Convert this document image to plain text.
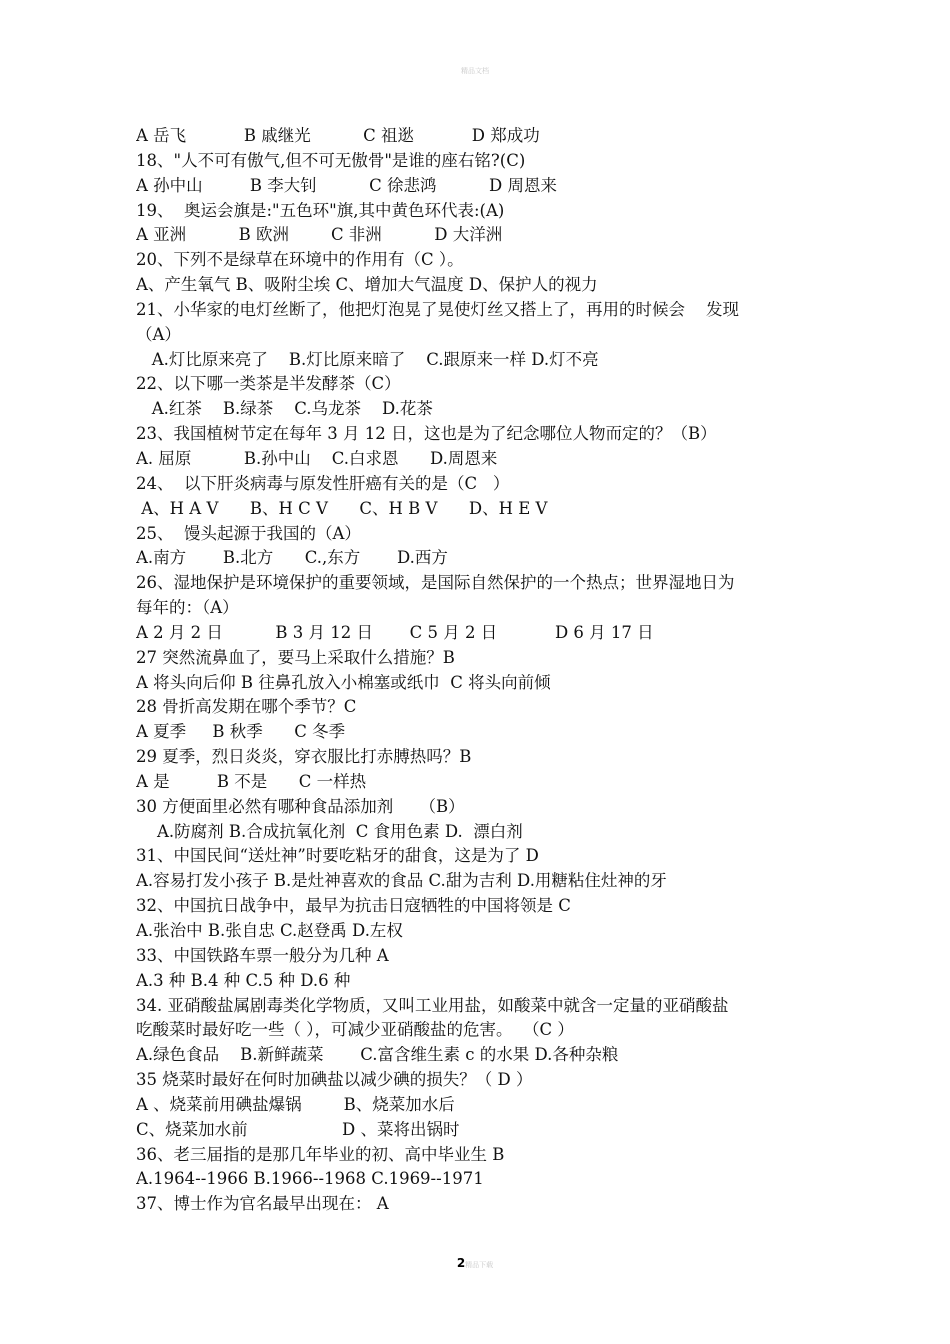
精品文档
A 岳飞           B 戚继光          C 祖逖           D 郑成功
18、"人不可有傲气,但不可无傲骨"是谁的座右铭?(C)
A 孙中山         B 李大钊          C 徐悲鸿          D 周恩来
19、  奥运会旗是:"五色环"旗,其中黄色环代表:(A)
A 亚洲          B 欧洲        C 非洲          D 大洋洲
20、下列不是绿草在环境中的作用有（C ）。
A、产生氧气 B、吸附尘埃 C、增加大气温度 D、保护人的视力
21、小华家的电灯丝断了，他把灯泡晃了晃使灯丝又搭上了，再用的时候会    发现
（A）
A.灯比原来亮了    B.灯比原来暗了    C.跟原来一样 D.灯不亮
22、以下哪一类茶是半发酵茶（C）
A.红茶    B.绿茶    C.乌龙茶    D.花茶
23、我国植树节定在每年 3 月 12 日，这也是为了纪念哪位人物而定的？（B）
A. 屈原          B.孙中山    C.白求恩      D.周恩来
24、  以下肝炎病毒与原发性肝癌有关的是（C   ）
A、H A V      B、H C V      C、H B V      D、H E V
25、  馒头起源于我国的（A）
A.南方       B.北方      C.,东方       D.西方
26、湿地保护是环境保护的重要领域，是国际自然保护的一个热点；世界湿地日为
每年的：（A）
A 2 月 2 日          B 3 月 12 日       C 5 月 2 日           D 6 月 17 日
27 突然流鼻血了，要马上采取什么措施？B
A 将头向后仰 B 往鼻孔放入小棉塞或纸巾  C 将头向前倾
28 骨折高发期在哪个季节？C
A 夏季     B 秋季      C 冬季
29 夏季，烈日炎炎，穿衣服比打赤膊热吗？B
A 是         B 不是      C 一样热
30 方便面里必然有哪种食品添加剂     （B）
A.防腐剂 B.合成抗氧化剂  C 食用色素 D.  漂白剂
31、中国民间“送灶神”时要吃粘牙的甜食，这是为了 D
A.容易打发小孩子 B.是灶神喜欢的食品 C.甜为吉利 D.用糖粘住灶神的牙
32、中国抗日战争中，最早为抗击日寇牺牲的中国将领是 C
A.张治中 B.张自忠 C.赵登禹 D.左权
33、中国铁路车票一般分为几种 A
A.3 种 B.4 种 C.5 种 D.6 种
34. 亚硝酸盐属剧毒类化学物质，又叫工业用盐，如酸菜中就含一定量的亚硝酸盐
吃酸菜时最好吃一些（ ），可减少亚硝酸盐的危害。  （C ）
A.绿色食品    B.新鲜蔬菜       C.富含维生素 c 的水果 D.各种杂粮
35 烧菜时最好在何时加碘盐以减少碘的损失？（ D ）
A 、烧菜前用碘盐爆锅        B、烧菜加水后
C、烧菜加水前                  D 、菜将出锅时
36、老三届指的是那几年毕业的初、高中毕业生 B
A.1964--1966 B.1966--1968 C.1969--1971
37、博士作为官名最早出现在： A
2精品下载
